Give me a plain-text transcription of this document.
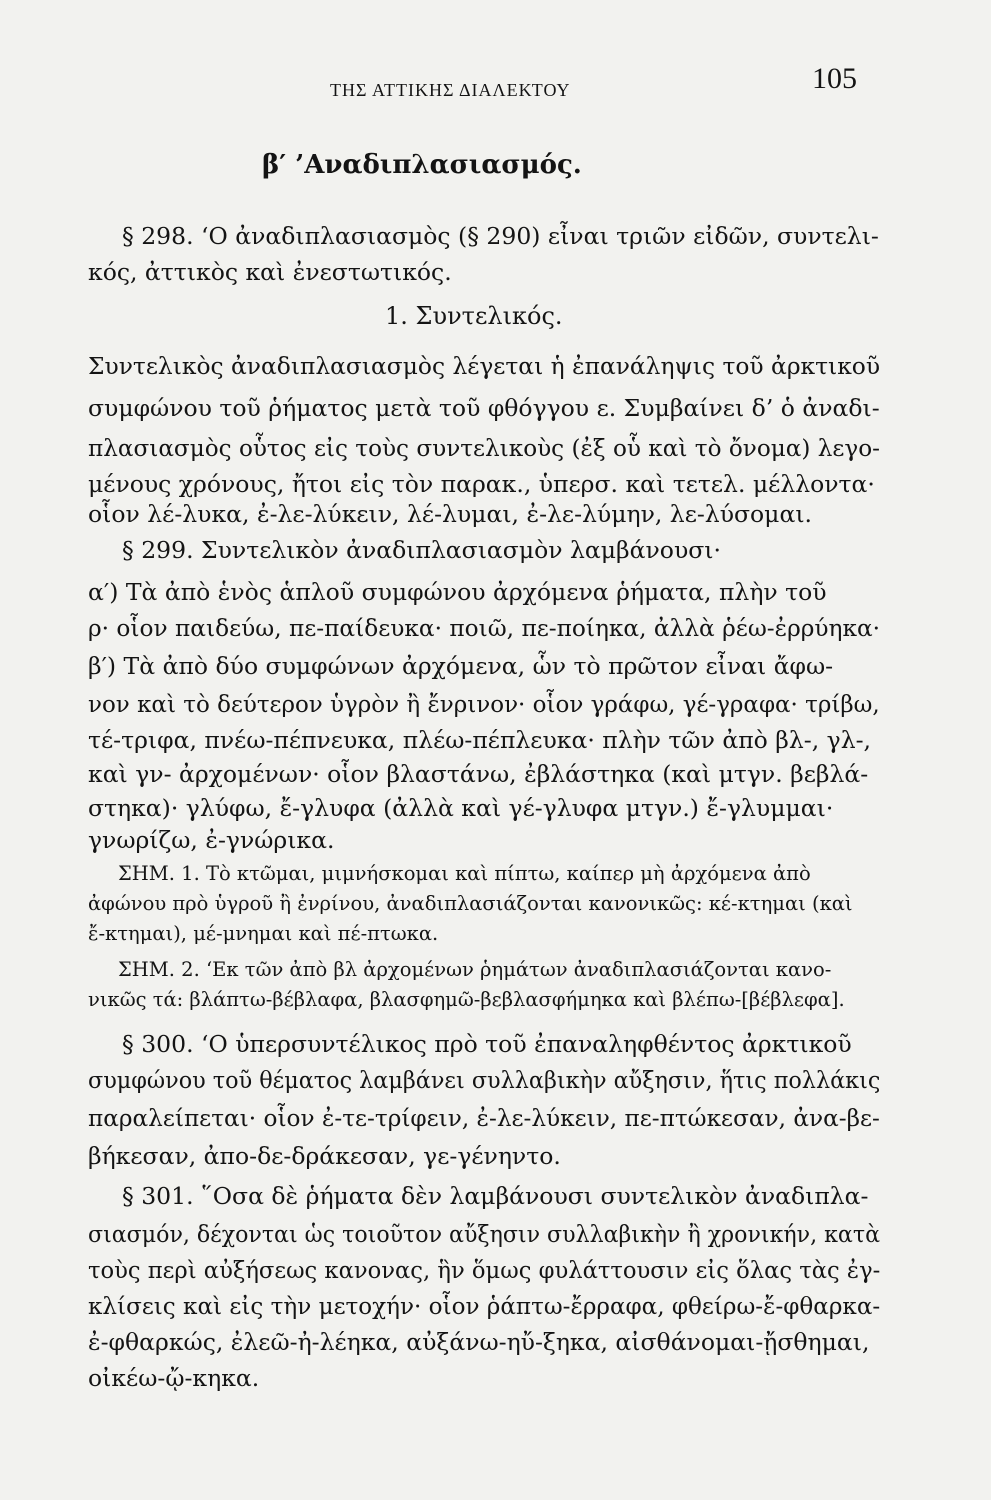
ΤΗΣ ΑΤΤΙΚΗΣ ΔΙΑΛΕΚΤΟΥ	105
β′ ’Αναδιπλασιασμός.
§ 298. ‘Ο ἀναδιπλασιασμὸς (§ 290) εἶναι τριῶν εἰδῶν, συντελι-
κός, ἀττικὸς καὶ ἐνεστωτικός.
1. Συντελικός.
Συντελικὸς ἀναδιπλασιασμὸς λέγεται ἡ ἐπανάληψις τοῦ ἀρκτικοῦ
συμφώνου τοῦ ῥήματος μετὰ τοῦ φθόγγου ε. Συμβαίνει δ’ ὁ ἀναδι-
πλασιασμὸς οὗτος εἰς τοὺς συντελικοὺς (ἐξ οὗ καὶ τὸ ὄνομα) λεγο-
μένους χρόνους, ἤτοι εἰς τὸν παρακ., ὑπερσ. καὶ τετελ. μέλλοντα·
οἷον λέ-λυκα, ἐ-λε-λύκειν, λέ-λυμαι, ἐ-λε-λύμην, λε-λύσομαι.
§ 299. Συντελικὸν ἀναδιπλασιασμὸν λαμβάνουσι·
α′) Τὰ ἀπὸ ἑνὸς ἁπλοῦ συμφώνου ἀρχόμενα ῥήματα, πλὴν τοῦ
ρ· οἷον παιδεύω, πε-παίδευκα· ποιῶ, πε-ποίηκα, ἀλλὰ ῥέω-ἐρρύηκα·
β′) Τὰ ἀπὸ δύο συμφώνων ἀρχόμενα, ὧν τὸ πρῶτον εἶναι ἄφω-
νον καὶ τὸ δεύτερον ὑγρὸν ἢ ἔνρινον· οἷον γράφω, γέ-γραφα· τρίβω,
τέ-τριφα, πνέω-πέπνευκα, πλέω-πέπλευκα· πλὴν τῶν ἀπὸ βλ-, γλ-,
καὶ γν- ἀρχομένων· οἷον βλαστάνω, ἐβλάστηκα (καὶ μτγν. βεβλά-
στηκα)· γλύφω, ἔ-γλυφα (ἀλλὰ καὶ γέ-γλυφα μτγν.) ἔ-γλυμμαι·
γνωρίζω, ἐ-γνώρικα.
ΣΗΜ. 1. Τὸ κτῶμαι, μιμνήσκομαι καὶ πίπτω, καίπερ μὴ ἀρχόμενα ἀπὸ
ἀφώνου πρὸ ὑγροῦ ἢ ἐνρίνου, ἀναδιπλασιάζονται κανονικῶς: κέ-κτημαι (καὶ
ἔ-κτημαι), μέ-μνημαι καὶ πέ-πτωκα.
ΣΗΜ. 2. ‘Εκ τῶν ἀπὸ βλ ἀρχομένων ῥημάτων ἀναδιπλασιάζονται κανο-
νικῶς τά: βλάπτω-βέβλαφα, βλασφημῶ-βεβλασφήμηκα καὶ βλέπω-[βέβλεφα].
§ 300. ‘Ο ὑπερσυντέλικος πρὸ τοῦ ἐπαναληφθέντος ἀρκτικοῦ
συμφώνου τοῦ θέματος λαμβάνει συλλαβικὴν αὔξησιν, ἥτις πολλάκις
παραλείπεται· οἷον ἐ-τε-τρίφειν, ἐ-λε-λύκειν, πε-πτώκεσαν, ἀνα-βε-
βήκεσαν, ἀπο-δε-δράκεσαν, γε-γένηντο.
§ 301. ῞Οσα δὲ ῥήματα δὲν λαμβάνουσι συντελικὸν ἀναδιπλα-
σιασμόν, δέχονται ὡς τοιοῦτον αὔξησιν συλλαβικὴν ἢ χρονικήν, κατὰ
τοὺς περὶ αὐξήσεως κανονας, ἣν ὅμως φυλάττουσιν εἰς ὅλας τὰς ἐγ-
κλίσεις καὶ εἰς τὴν μετοχήν· οἷον ῥάπτω-ἔρραφα, φθείρω-ἔ-φθαρκα-
ἐ-φθαρκώς, ἐλεῶ-ἠ-λέηκα, αὐξάνω-ηὔ-ξηκα, αἰσθάνομαι-ᾔσθημαι,
οἰκέω-ᾤ-κηκα.
